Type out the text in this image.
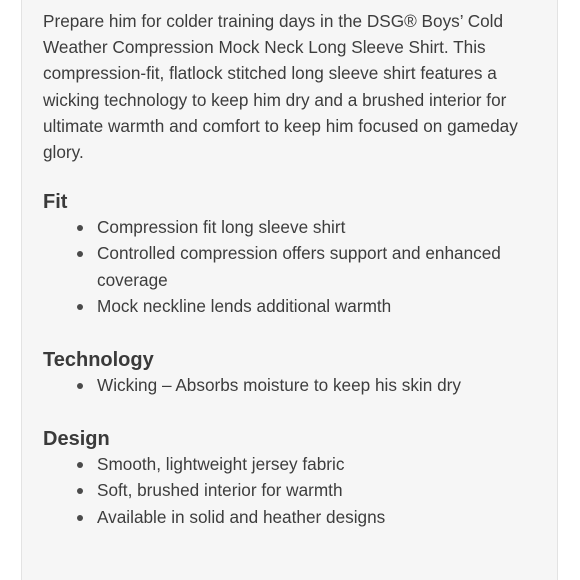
Prepare him for colder training days in the DSG® Boys’ Cold Weather Compression Mock Neck Long Sleeve Shirt. This compression-fit, flatlock stitched long sleeve shirt features a wicking technology to keep him dry and a brushed interior for ultimate warmth and comfort to keep him focused on gameday glory.

Fit
Compression fit long sleeve shirt
Controlled compression offers support and enhanced coverage
Mock neckline lends additional warmth
Technology
Wicking – Absorbs moisture to keep his skin dry
Design
Smooth, lightweight jersey fabric
Soft, brushed interior for warmth
Available in solid and heather designs
